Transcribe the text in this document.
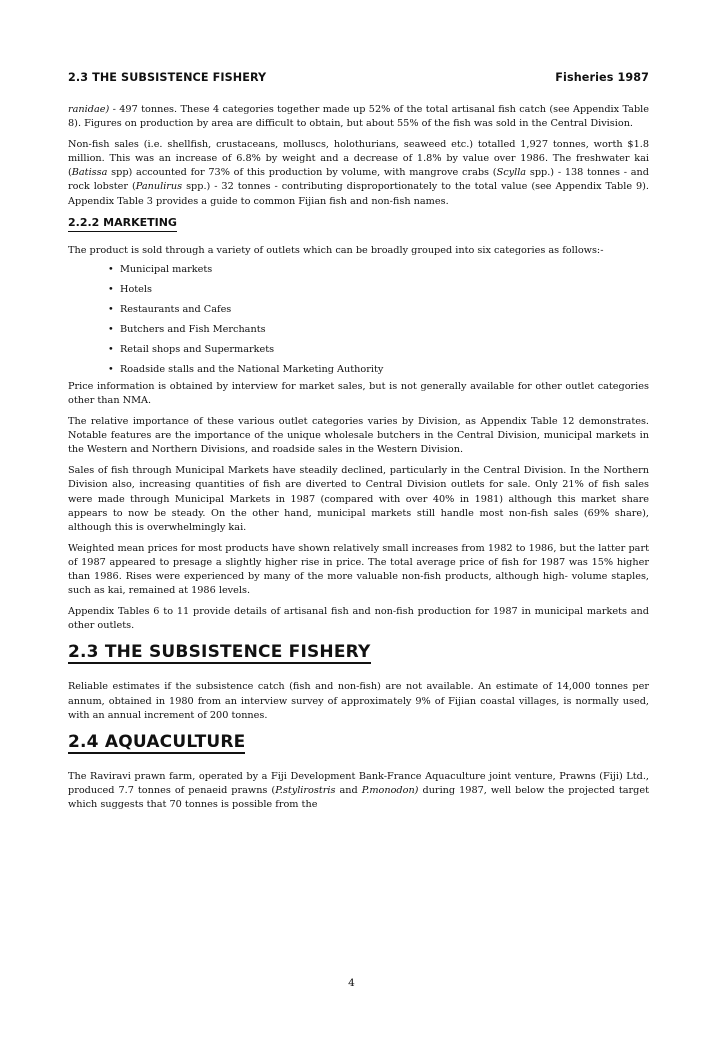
2.3 THE SUBSISTENCE FISHERY	Fisheries 1987

ranidae) - 497 tonnes. These 4 categories together made up 52% of the total artisanal fish catch (see Appendix Table 8). Figures on production by area are difficult to obtain, but about 55% of the fish was sold in the Central Division.

Non-fish sales (i.e. shellfish, crustaceans, molluscs, holothurians, seaweed etc.) totalled 1,927 tonnes, worth $1.8 million. This was an increase of 6.8% by weight and a decrease of 1.8% by value over 1986. The freshwater kai (Batissa spp) accounted for 73% of this production by volume, with mangrove crabs (Scylla spp.) - 138 tonnes - and rock lobster (Panulirus spp.) - 32 tonnes - contributing disproportionately to the total value (see Appendix Table 9). Appendix Table 3 provides a guide to common Fijian fish and non-fish names.

2.2.2 MARKETING

The product is sold through a variety of outlets which can be broadly grouped into six categories as follows:-

• Municipal markets
• Hotels
• Restaurants and Cafes
• Butchers and Fish Merchants
• Retail shops and Supermarkets
• Roadside stalls and the National Marketing Authority

Price information is obtained by interview for market sales, but is not generally available for other outlet categories other than NMA.

The relative importance of these various outlet categories varies by Division, as Appendix Table 12 demonstrates. Notable features are the importance of the unique wholesale butchers in the Central Division, municipal markets in the Western and Northern Divisions, and roadside sales in the Western Division.

Sales of fish through Municipal Markets have steadily declined, particularly in the Central Division. In the Northern Division also, increasing quantities of fish are diverted to Central Division outlets for sale. Only 21% of fish sales were made through Municipal Markets in 1987 (compared with over 40% in 1981) although this market share appears to now be steady. On the other hand, municipal markets still handle most non-fish sales (69% share), although this is overwhelmingly kai.

Weighted mean prices for most products have shown relatively small increases from 1982 to 1986, but the latter part of 1987 appeared to presage a slightly higher rise in price. The total average price of fish for 1987 was 15% higher than 1986. Rises were experienced by many of the more valuable non-fish products, although high- volume staples, such as kai, remained at 1986 levels.

Appendix Tables 6 to 11 provide details of artisanal fish and non-fish production for 1987 in municipal markets and other outlets.

2.3 THE SUBSISTENCE FISHERY

Reliable estimates if the subsistence catch (fish and non-fish) are not available. An estimate of 14,000 tonnes per annum, obtained in 1980 from an interview survey of approximately 9% of Fijian coastal villages, is normally used, with an annual increment of 200 tonnes.

2.4 AQUACULTURE

The Raviravi prawn farm, operated by a Fiji Development Bank-France Aquaculture joint venture, Prawns (Fiji) Ltd., produced 7.7 tonnes of penaeid prawns (P.stylirostris and P.monodon) during 1987, well below the projected target which suggests that 70 tonnes is possible from the

4
